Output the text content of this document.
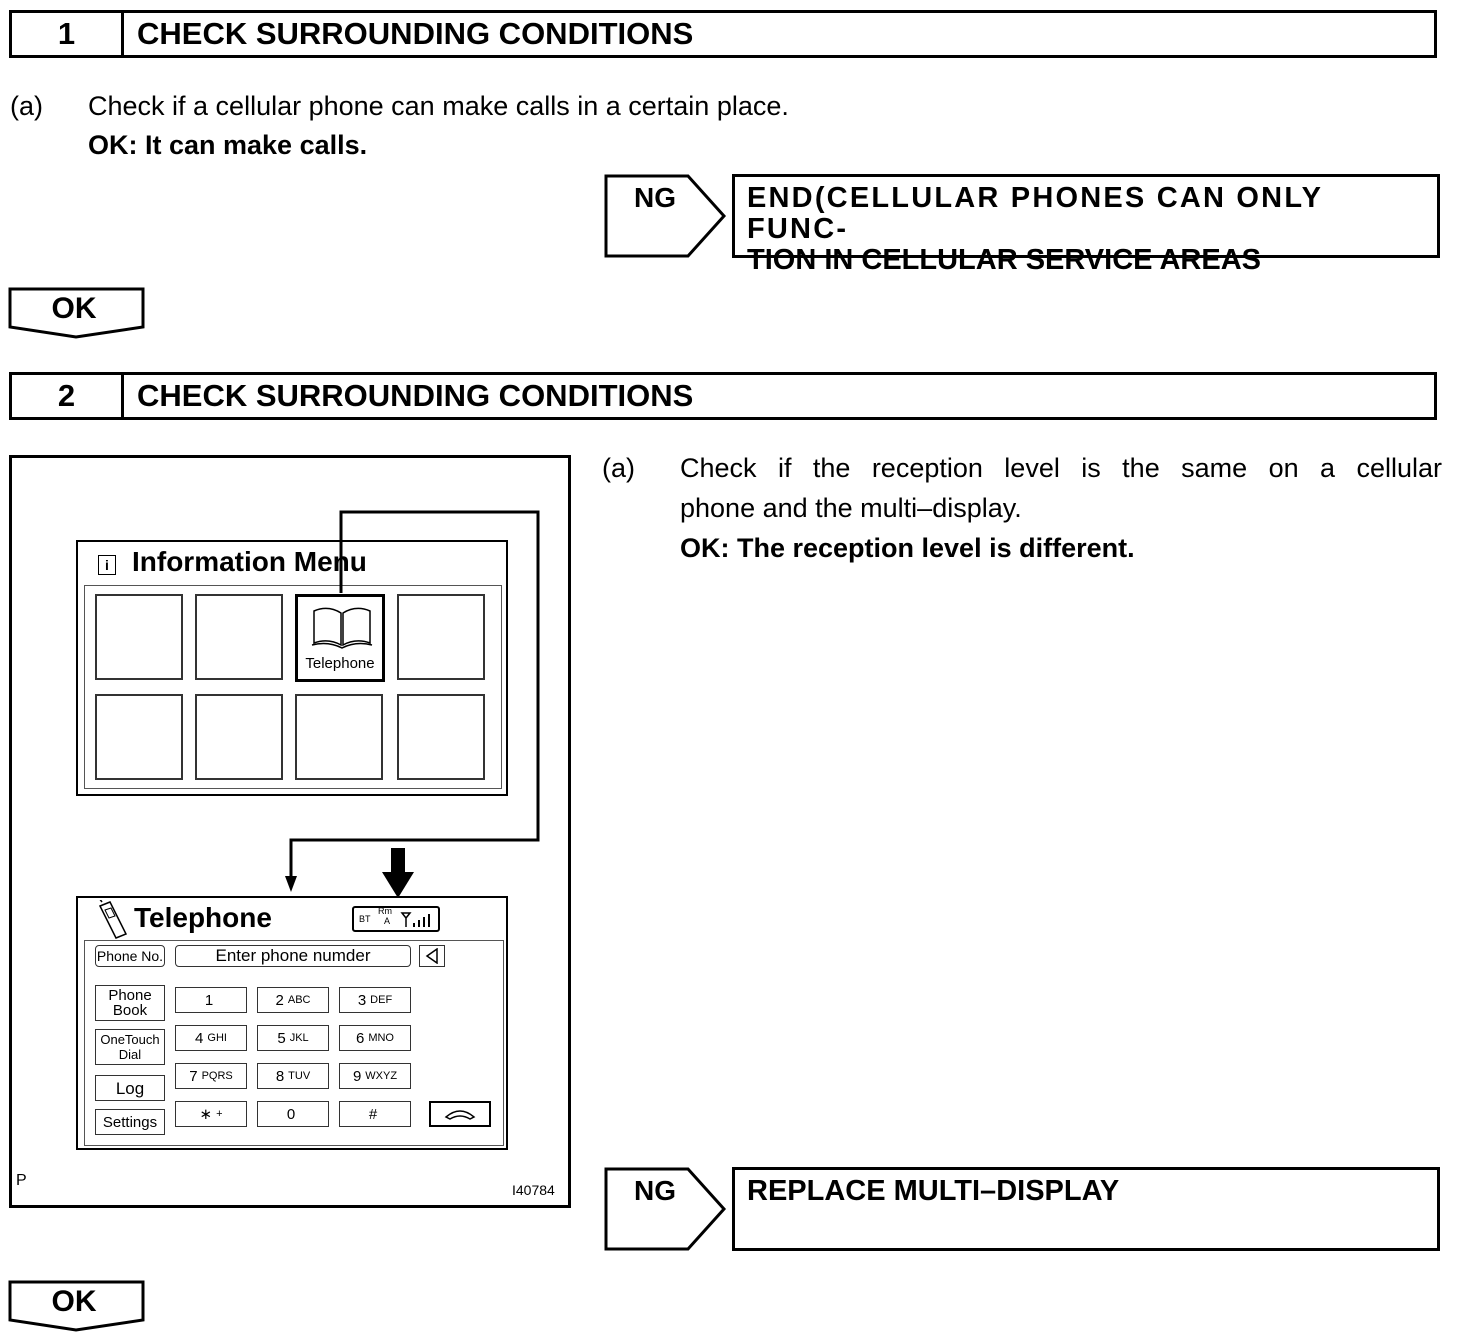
1	CHECK SURROUNDING CONDITIONS
(a) Check if a cellular phone can make calls in a certain place.
OK: It can make calls.
NG END(CELLULAR PHONES CAN ONLY FUNC-
TION IN CELLULAR SERVICE AREAS
OK
2	CHECK SURROUNDING CONDITIONS
(a) Check if the reception level is the same on a cellular
phone and the multi–display.
OK: The reception level is different.
NG	REPLACE MULTI–DISPLAY
OK
i Information Menu
Telephone
Telephone	BT
Rm
A
Phone No.	Enter phone numder
Phone
Book
OneTouch
Dial
Log
Settings
1	2 ABC	3 DEF
4 GHI	5 JKL	6 MNO
7 PQRS	8 TUV	9 WXYZ
∗ +	0	#
P
I40784
